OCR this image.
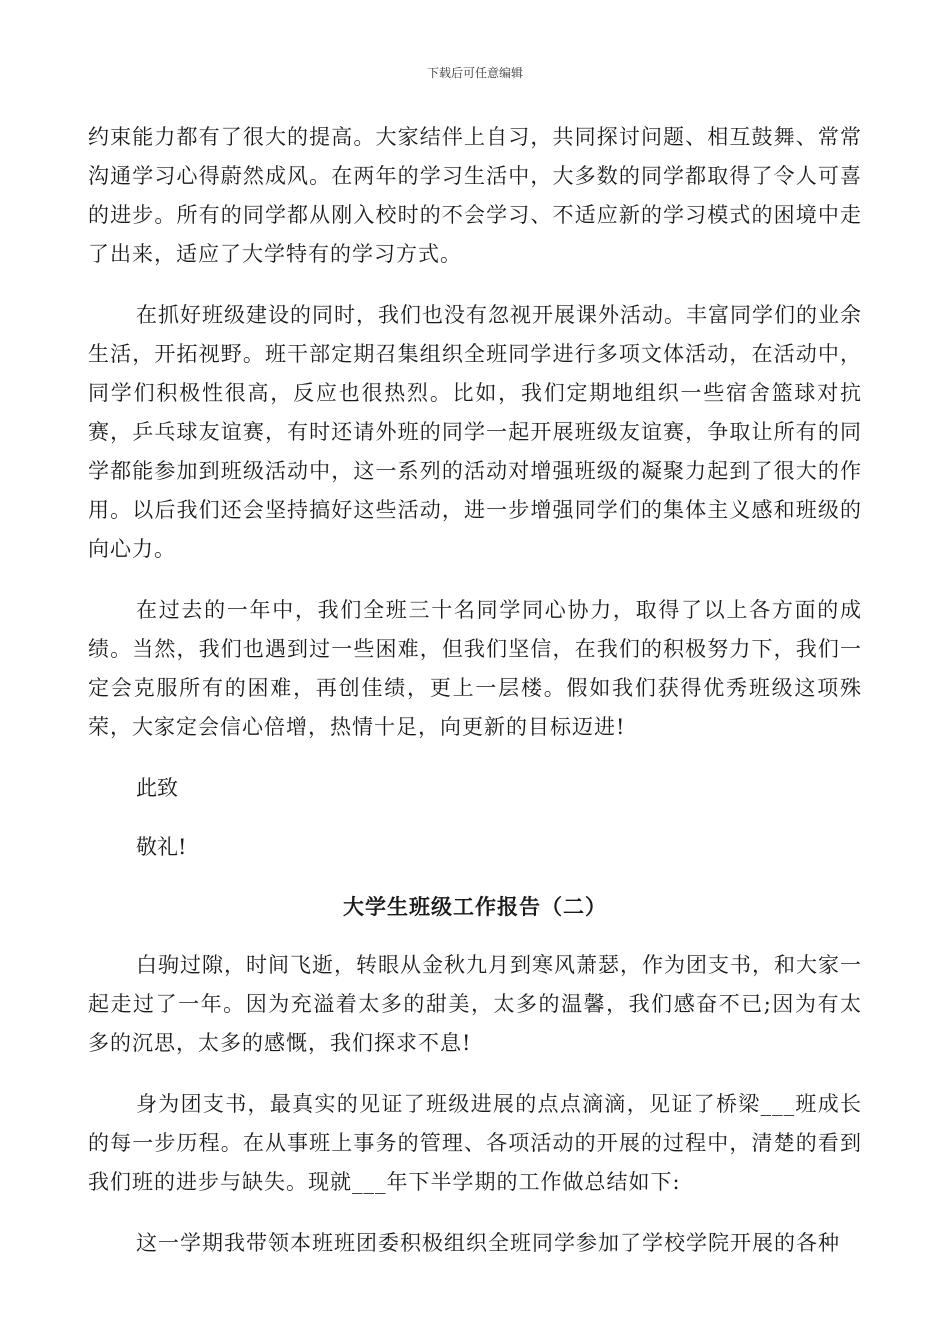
下载后可任意编辑

约束能力都有了很大的提高。大家结伴上自习，共同探讨问题、相互鼓舞、常常沟通学习心得蔚然成风。在两年的学习生活中，大多数的同学都取得了令人可喜的进步。所有的同学都从刚入校时的不会学习、不适应新的学习模式的困境中走了出来，适应了大学特有的学习方式。

在抓好班级建设的同时，我们也没有忽视开展课外活动。丰富同学们的业余生活，开拓视野。班干部定期召集组织全班同学进行多项文体活动，在活动中，同学们积极性很高，反应也很热烈。比如，我们定期地组织一些宿舍篮球对抗赛，乒乓球友谊赛，有时还请外班的同学一起开展班级友谊赛，争取让所有的同学都能参加到班级活动中，这一系列的活动对增强班级的凝聚力起到了很大的作用。以后我们还会坚持搞好这些活动，进一步增强同学们的集体主义感和班级的向心力。

在过去的一年中，我们全班三十名同学同心协力，取得了以上各方面的成绩。当然，我们也遇到过一些困难，但我们坚信，在我们的积极努力下，我们一定会克服所有的困难，再创佳绩，更上一层楼。假如我们获得优秀班级这项殊荣，大家定会信心倍增，热情十足，向更新的目标迈进!

此致

敬礼!

大学生班级工作报告（二）

白驹过隙，时间飞逝，转眼从金秋九月到寒风萧瑟，作为团支书，和大家一起走过了一年。因为充溢着太多的甜美，太多的温馨，我们感奋不已;因为有太多的沉思，太多的感慨，我们探求不息!

身为团支书，最真实的见证了班级进展的点点滴滴，见证了桥梁___班成长的每一步历程。在从事班上事务的管理、各项活动的开展的过程中，清楚的看到我们班的进步与缺失。现就___年下半学期的工作做总结如下:

这一学期我带领本班班团委积极组织全班同学参加了学校学院开展的各种
